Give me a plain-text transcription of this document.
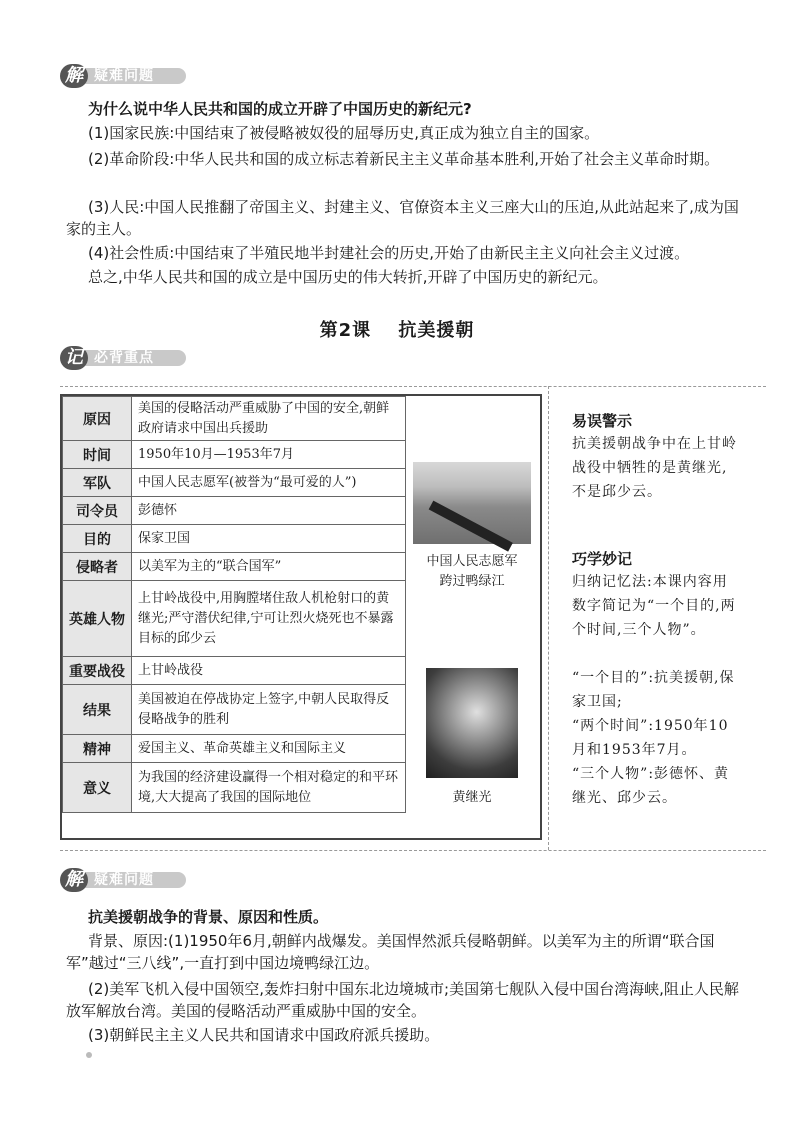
解 疑难问题
为什么说中华人民共和国的成立开辟了中国历史的新纪元?
(1)国家民族:中国结束了被侵略被奴役的屈辱历史,真正成为独立自主的国家。
(2)革命阶段:中华人民共和国的成立标志着新民主主义革命基本胜利,开始了社会主义革命时期。
(3)人民:中国人民推翻了帝国主义、封建主义、官僚资本主义三座大山的压迫,从此站起来了,成为国家的主人。
(4)社会性质:中国结束了半殖民地半封建社会的历史,开始了由新民主主义向社会主义过渡。
总之,中华人民共和国的成立是中国历史的伟大转折,开辟了中国历史的新纪元。
第2课 抗美援朝
记 必背重点
原因	美国的侵略活动严重威胁了中国的安全,朝鲜政府请求中国出兵援助
时间	1950年10月—1953年7月
军队	中国人民志愿军(被誉为“最可爱的人”)
司令员	彭德怀
目的	保家卫国
侵略者	以美军为主的“联合国军”
英雄人物	上甘岭战役中,用胸膛堵住敌人机枪射口的黄继光;严守潜伏纪律,宁可让烈火烧死也不暴露目标的邱少云
重要战役	上甘岭战役
结果	美国被迫在停战协定上签字,中朝人民取得反侵略战争的胜利
精神	爱国主义、革命英雄主义和国际主义
意义	为我国的经济建设赢得一个相对稳定的和平环境,大大提高了我国的国际地位
中国人民志愿军
跨过鸭绿江
黄继光
易误警示
抗美援朝战争中在上甘岭战役中牺牲的是黄继光,不是邱少云。
巧学妙记
归纳记忆法:本课内容用数字简记为“一个目的,两个时间,三个人物”。
“一个目的”:抗美援朝,保家卫国;
“两个时间”:1950年10月和1953年7月。
“三个人物”:彭德怀、黄继光、邱少云。
解 疑难问题
抗美援朝战争的背景、原因和性质。
背景、原因:(1)1950年6月,朝鲜内战爆发。美国悍然派兵侵略朝鲜。以美军为主的所谓“联合国军”越过“三八线”,一直打到中国边境鸭绿江边。
(2)美军飞机入侵中国领空,轰炸扫射中国东北边境城市;美国第七舰队入侵中国台湾海峡,阻止人民解放军解放台湾。美国的侵略活动严重威胁中国的安全。
(3)朝鲜民主主义人民共和国请求中国政府派兵援助。
